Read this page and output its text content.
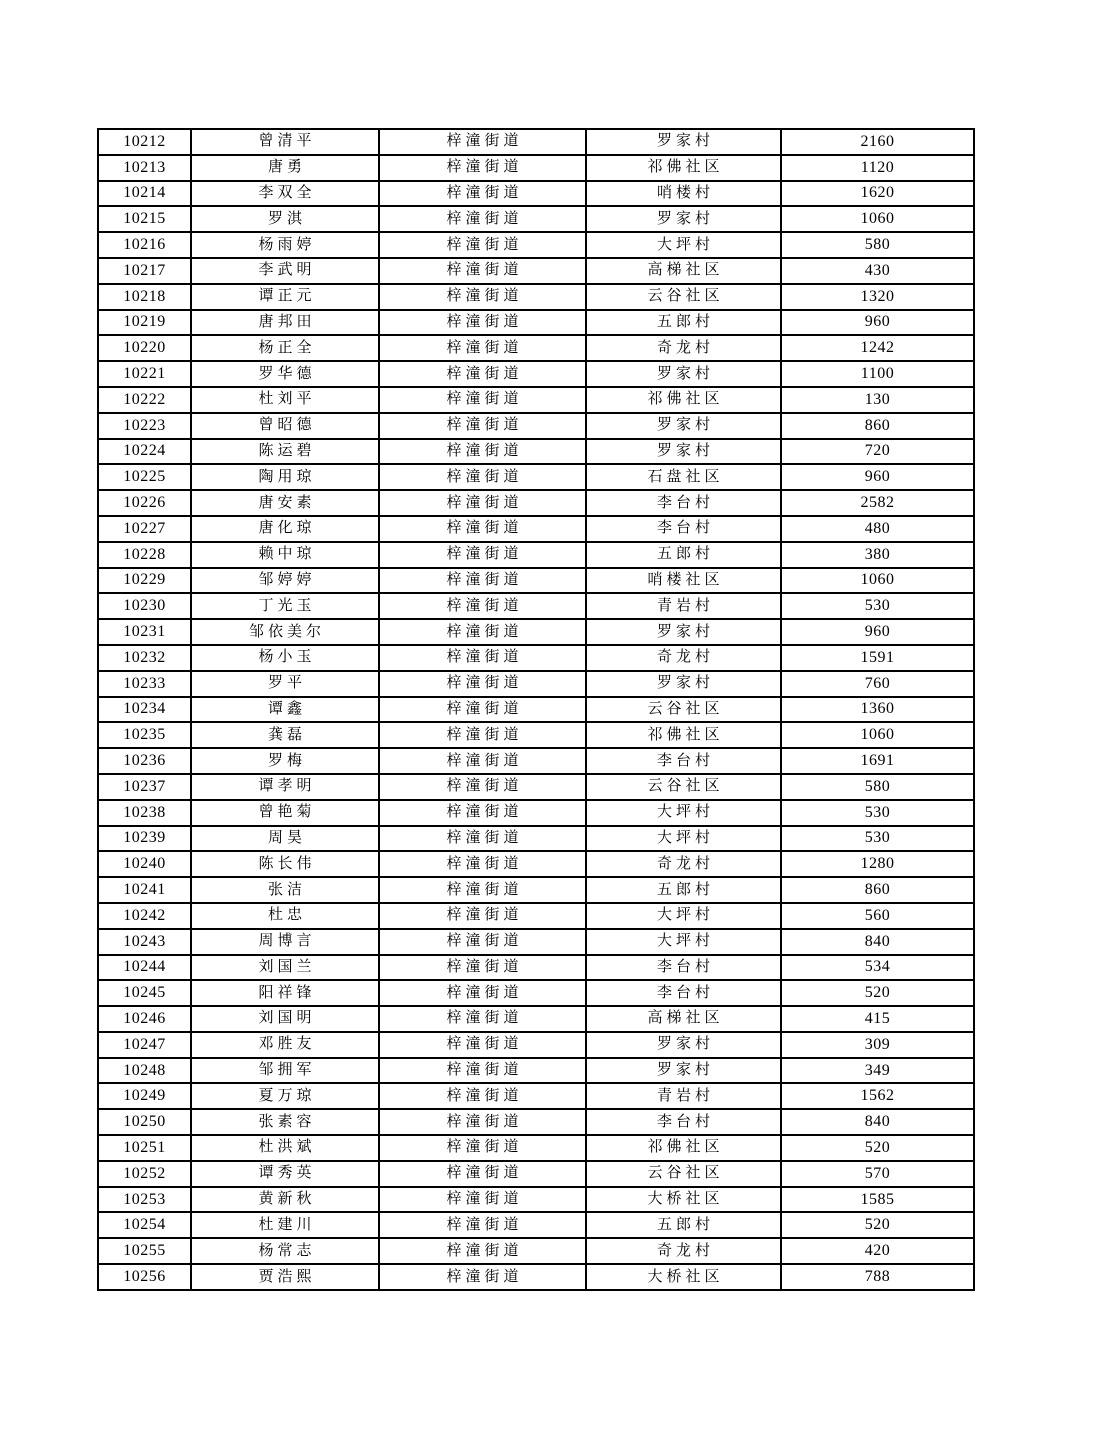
10212	曾清平	梓潼街道	罗家村	2160
10213	唐勇	梓潼街道	祁佛社区	1120
10214	李双全	梓潼街道	哨楼村	1620
10215	罗淇	梓潼街道	罗家村	1060
10216	杨雨婷	梓潼街道	大坪村	580
10217	李武明	梓潼街道	高梯社区	430
10218	谭正元	梓潼街道	云谷社区	1320
10219	唐邦田	梓潼街道	五郎村	960
10220	杨正全	梓潼街道	奇龙村	1242
10221	罗华德	梓潼街道	罗家村	1100
10222	杜刘平	梓潼街道	祁佛社区	130
10223	曾昭德	梓潼街道	罗家村	860
10224	陈运碧	梓潼街道	罗家村	720
10225	陶用琼	梓潼街道	石盘社区	960
10226	唐安素	梓潼街道	李台村	2582
10227	唐化琼	梓潼街道	李台村	480
10228	赖中琼	梓潼街道	五郎村	380
10229	邹婷婷	梓潼街道	哨楼社区	1060
10230	丁光玉	梓潼街道	青岩村	530
10231	邹依美尔	梓潼街道	罗家村	960
10232	杨小玉	梓潼街道	奇龙村	1591
10233	罗平	梓潼街道	罗家村	760
10234	谭鑫	梓潼街道	云谷社区	1360
10235	龚磊	梓潼街道	祁佛社区	1060
10236	罗梅	梓潼街道	李台村	1691
10237	谭孝明	梓潼街道	云谷社区	580
10238	曾艳菊	梓潼街道	大坪村	530
10239	周昊	梓潼街道	大坪村	530
10240	陈长伟	梓潼街道	奇龙村	1280
10241	张洁	梓潼街道	五郎村	860
10242	杜忠	梓潼街道	大坪村	560
10243	周博言	梓潼街道	大坪村	840
10244	刘国兰	梓潼街道	李台村	534
10245	阳祥锋	梓潼街道	李台村	520
10246	刘国明	梓潼街道	高梯社区	415
10247	邓胜友	梓潼街道	罗家村	309
10248	邹拥军	梓潼街道	罗家村	349
10249	夏万琼	梓潼街道	青岩村	1562
10250	张素容	梓潼街道	李台村	840
10251	杜洪斌	梓潼街道	祁佛社区	520
10252	谭秀英	梓潼街道	云谷社区	570
10253	黄新秋	梓潼街道	大桥社区	1585
10254	杜建川	梓潼街道	五郎村	520
10255	杨常志	梓潼街道	奇龙村	420
10256	贾浩熙	梓潼街道	大桥社区	788
